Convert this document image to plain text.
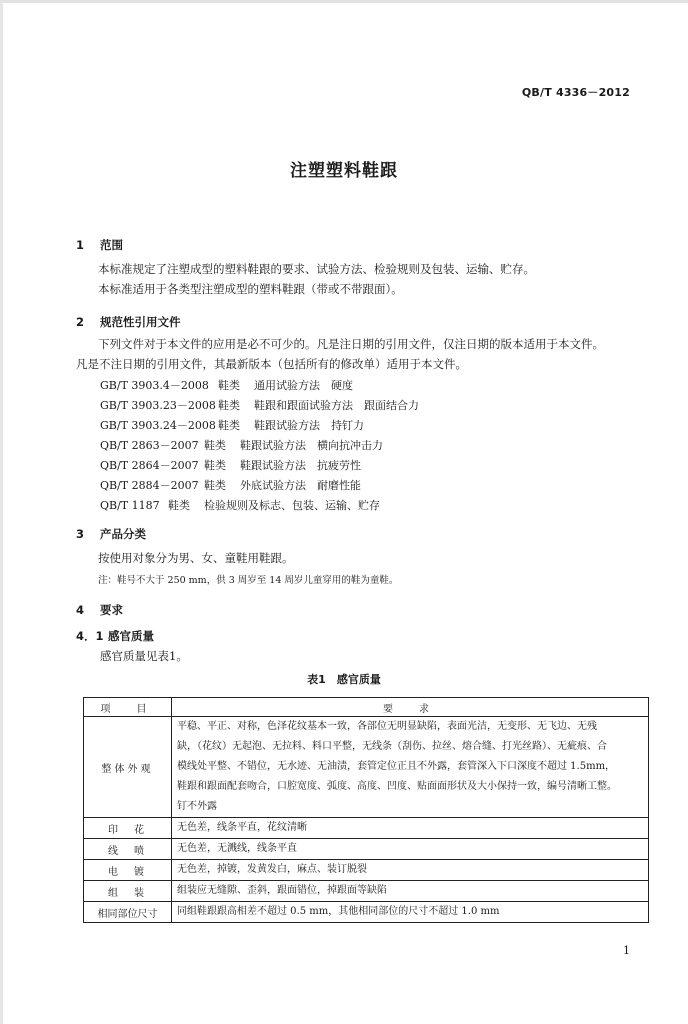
QB/T 4336－2012
注塑塑料鞋跟
1 范围
本标准规定了注塑成型的塑料鞋跟的要求、试验方法、检验规则及包装、运输、贮存。
本标准适用于各类型注塑成型的塑料鞋跟（带或不带跟面）。
2 规范性引用文件
下列文件对于本文件的应用是必不可少的。凡是注日期的引用文件，仅注日期的版本适用于本文件。
凡是不注日期的引用文件，其最新版本（包括所有的修改单）适用于本文件。
GB/T 3903.4－2008 鞋类 通用试验方法　硬度
GB/T 3903.23－2008 鞋类 鞋跟和跟面试验方法　跟面结合力
GB/T 3903.24－2008 鞋类 鞋跟试验方法　持钉力
QB/T 2863－2007 鞋类 鞋跟试验方法　横向抗冲击力
QB/T 2864－2007 鞋类 鞋跟试验方法　抗疲劳性
QB/T 2884－2007 鞋类 外底试验方法　耐磨性能
QB/T 1187 鞋类 检验规则及标志、包装、运输、贮存
3 产品分类
按使用对象分为男、女、童鞋用鞋跟。
注：鞋号不大于 250 mm，供 3 周岁至 14 周岁儿童穿用的鞋为童鞋。
4 要求
4．1 感官质量
感官质量见表1。
表1　感官质量
项　目	要　求
整体外观	平稳、平正、对称，色泽花纹基本一致，各部位无明显缺陷，表面光洁，无变形、无飞边、无残
缺，（花纹）无起泡、无拉料、料口平整，无线条（刮伤、拉丝、熔合缝、打光丝路）、无疵痕、合
模线处平整、不错位，无水迹、无油渍，套管定位正且不外露，套管深入下口深度不超过 1.5mm，
鞋跟和跟面配套吻合，口腔宽度、弧度、高度、凹度、贴面面形状及大小保持一致，编号清晰工整。
钉不外露

印　花	无色差，线条平直，花纹清晰
线　喷	无色差，无溅线，线条平直
电　镀	无色差，掉镀，发黄发白，麻点、装订脱裂
组　装	组装应无缝隙、歪斜，跟面错位，掉跟面等缺陷
相同部位尺寸	同组鞋跟跟高相差不超过 0.5 mm，其他相同部位的尺寸不超过 1.0 mm
1
